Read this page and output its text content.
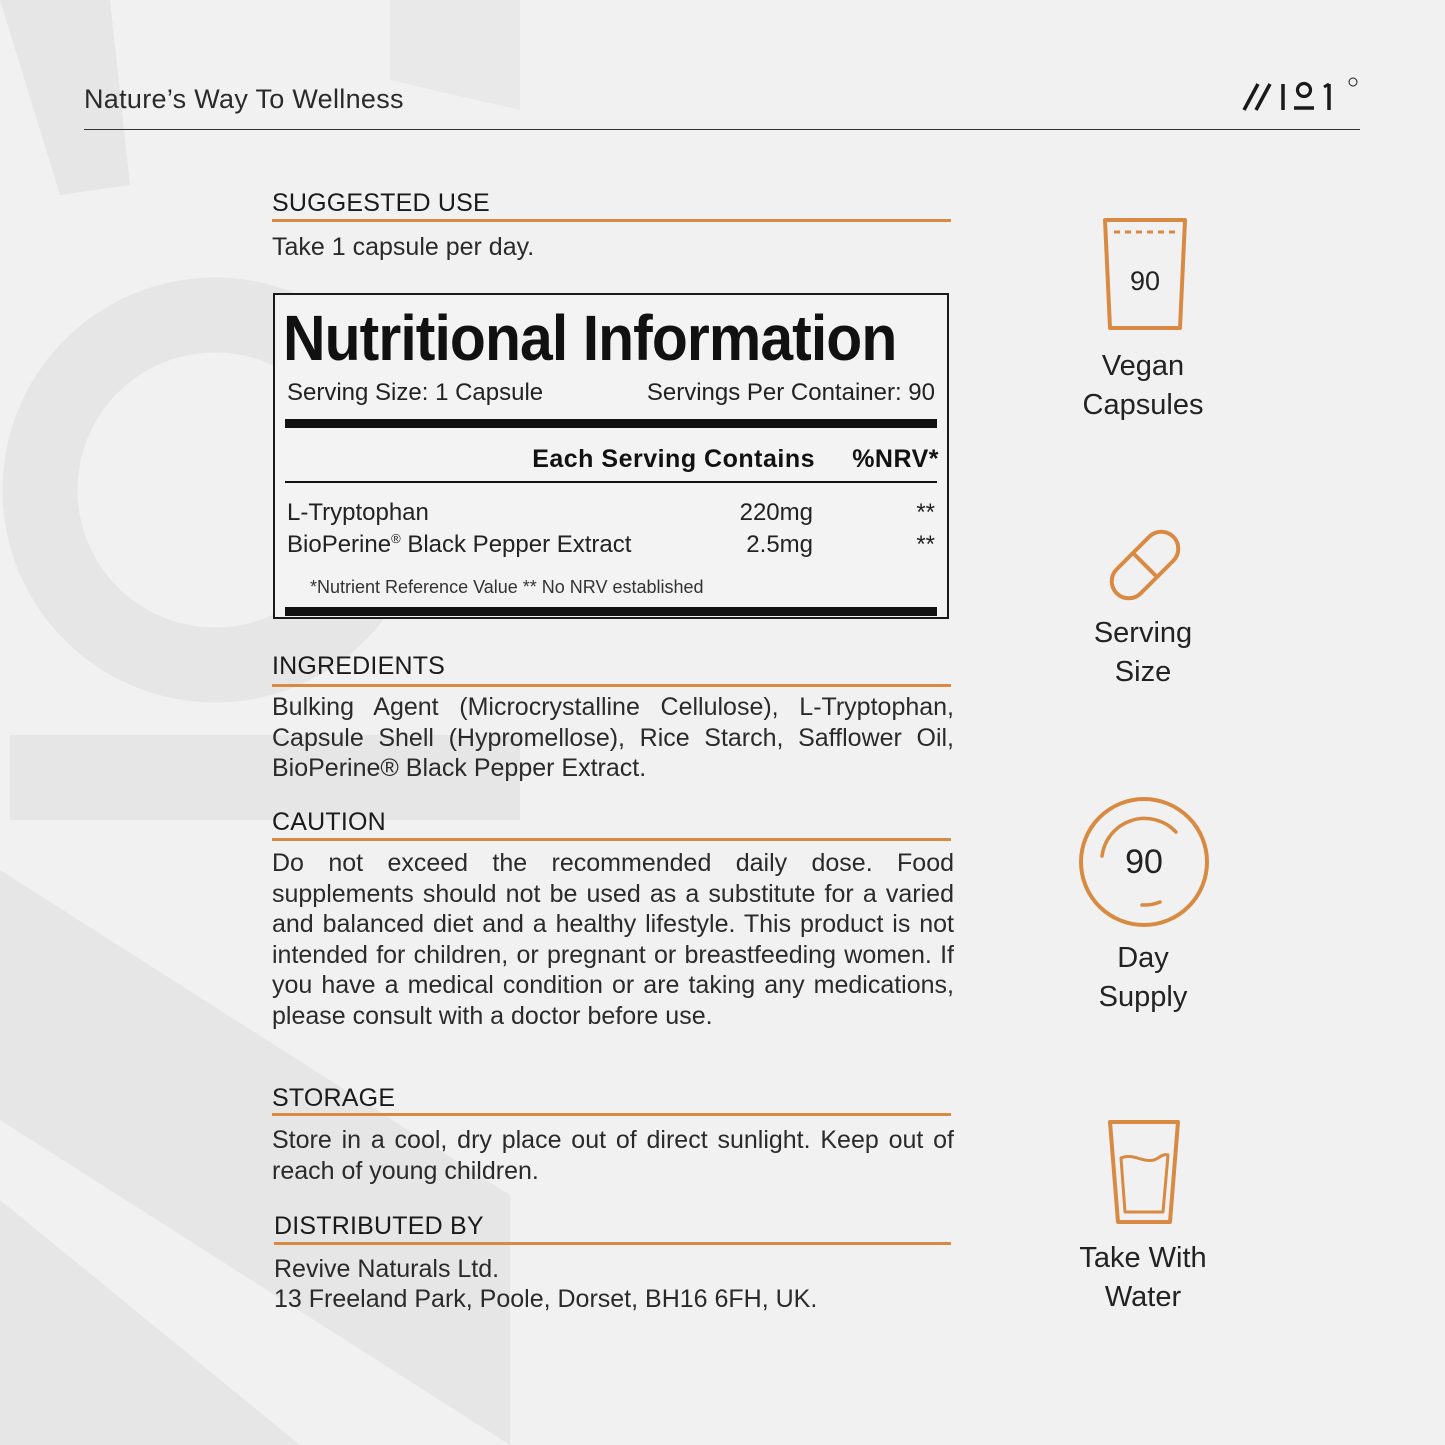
Nature’s Way To Wellness
SUGGESTED USE
Take 1 capsule per day.
Nutritional Information
Serving Size: 1 Capsule	Servings Per Container: 90
Each Serving Contains %NRV*
L-Tryptophan	220mg	**
BioPerine® Black Pepper Extract	2.5mg	**
*Nutrient Reference Value ** No NRV established
INGREDIENTS
Bulking Agent (Microcrystalline Cellulose), L-Tryptophan, Capsule Shell (Hypromellose), Rice Starch, Safflower Oil, BioPerine® Black Pepper Extract.
CAUTION
Do not exceed the recommended daily dose. Food supplements should not be used as a substitute for a varied and balanced diet and a healthy lifestyle. This product is not intended for children, or pregnant or breastfeeding women. If you have a medical condition or are taking any medications, please consult with a doctor before use.
STORAGE
Store in a cool, dry place out of direct sunlight. Keep out of reach of young children.
DISTRIBUTED BY
Revive Naturals Ltd.
13 Freeland Park, Poole, Dorset, BH16 6FH, UK.
90
Vegan
Capsules
Serving
Size
90
Day
Supply
Take With
Water
